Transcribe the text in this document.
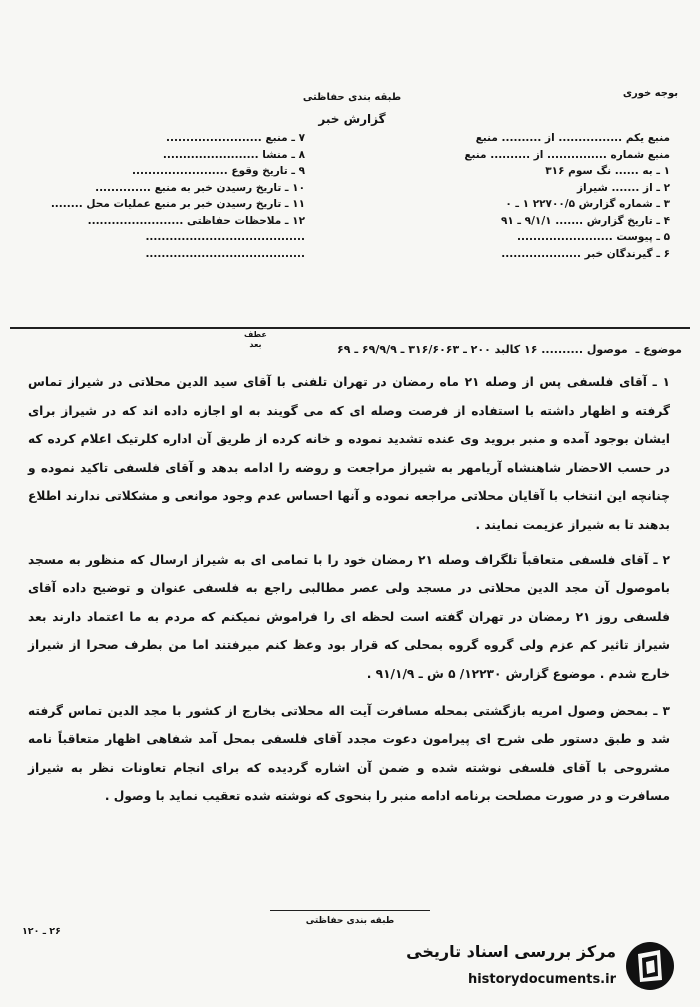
بوجه خوری
طبقه بندی حفاظتی
گزارش خبر
منبع یکم ................ از .......... منبع
منبع شماره ............... از .......... منبع
۱ ـ به ...... نگ سوم ۳۱۶
۲ ـ از ....... شیراز
۳ ـ شماره گزارش ۲۲۷۰۰/۵ ۱ ـ ۰
۴ ـ تاریخ گزارش ....... ۹/۱/۱ ـ ۹۱
۵ ـ پیوست ........................
۶ ـ گیرندگان خبر ....................
۷ ـ منبع ........................
۸ ـ منشا ........................
۹ ـ تاریخ وقوع ........................
۱۰ ـ تاریخ رسیدن خبر به منبع ..............
۱۱ ـ تاریخ رسیدن خبر بر منبع عملیات محل ........
۱۲ ـ ملاحظات حفاظتی ........................
........................................
........................................
عطف
بعد	موضوع ـموصول .......... ۱۶ کالبد ۲۰۰ ـ ۳۱۶/۶۰۶۳ ـ ۶۹/۹/۹ ـ ۶۹

۱ ـ آقای فلسفی پس از وصله ۲۱ ماه رمضان در تهران تلفنی با آقای سید الدین محلاتی در شیراز تماس گرفته و اظهار داشته با استفاده از فرصت وصله ای که می گویند به او اجازه داده اند که در شیراز برای ایشان بوجود آمده و منبر بروید وی عنده تشدید نموده و خانه کرده از طریق آن اداره کلرتیک اعلام کرده که در حسب الاحضار شاهنشاه آریامهر به شیراز مراجعت و روضه را ادامه بدهد و آقای فلسفی تاکید نموده و چنانچه این انتخاب با آقایان محلاتی مراجعه نموده و آنها احساس عدم وجود موانعی و مشکلاتی ندارند اطلاع بدهند تا به شیراز عزیمت نمایند .

۲ ـ آقای فلسفی متعاقباً تلگراف وصله ۲۱ رمضان خود را با تمامی ای به شیراز ارسال که منظور به مسجد باموصول آن مجد الدین محلاتی در مسجد ولی عصر مطالبی راجع به فلسفی عنوان و توضیح داده آقای فلسفی روز ۲۱ رمضان در تهران گفته است لحظه ای را فراموش نمیکنم که مردم به ما اعتماد دارند بعد شیراز تاثیر کم عزم ولی گروه گروه بمحلی که قرار بود وعظ کنم میرفتند اما من بطرف صحرا از شیراز خارج شدم . موضوع گزارش ۱۲۲۳۰/ ۵ ش ـ ۹۱/۱/۹ .

۳ ـ بمحض وصول امریه بازگشتی بمحله مسافرت آیت اله محلاتی بخارج از کشور با مجد الدین تماس گرفته شد و طبق دستور طی شرح ای پیرامون دعوت مجدد آقای فلسفی بمحل آمد شفاهی اظهار متعاقباً نامه مشروحی با آقای فلسفی نوشته شده و ضمن آن اشاره گردیده که برای انجام تعاونات نظر به شیراز مسافرت و در صورت مصلحت برنامه ادامه منبر را بنحوی که نوشته شده تعقیب نماید با وصول .

طبقه بندی حفاظتی
۲۶ ـ ۱۲۰
مرکز بررسی اسناد تاریخی
historydocuments.ir
